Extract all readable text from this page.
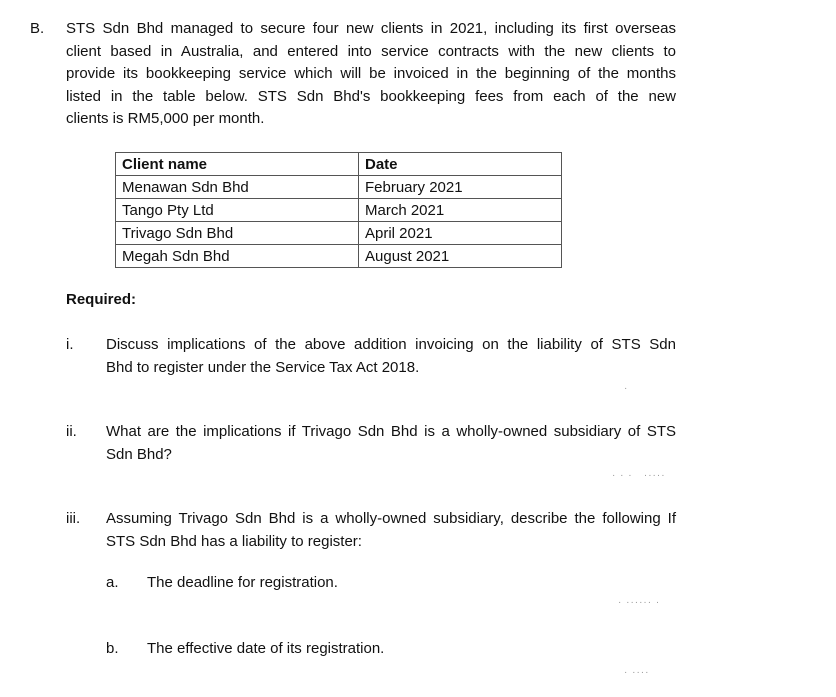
B. STS Sdn Bhd managed to secure four new clients in 2021, including its first overseas
client based in Australia, and entered into service contracts with the new clients to
provide its bookkeeping service which will be invoiced in the beginning of the months
listed in the table below. STS Sdn Bhd's bookkeeping fees from each of the new
clients is RM5,000 per month.
Client name	Date
Menawan Sdn Bhd	February 2021
Tango Pty Ltd	March 2021
Trivago Sdn Bhd	April 2021
Megah Sdn Bhd	August 2021
Required:
i. Discuss implications of the above addition invoicing on the liability of STS Sdn
Bhd to register under the Service Tax Act 2018.
·
ii. What are the implications if Trivago Sdn Bhd is a wholly-owned subsidiary of STS
Sdn Bhd?
· · ·   ·····
iii. Assuming Trivago Sdn Bhd is a wholly-owned subsidiary, describe the following If
STS Sdn Bhd has a liability to register:
a. The deadline for registration.
· ······ ·
b. The effective date of its registration.
· ····
